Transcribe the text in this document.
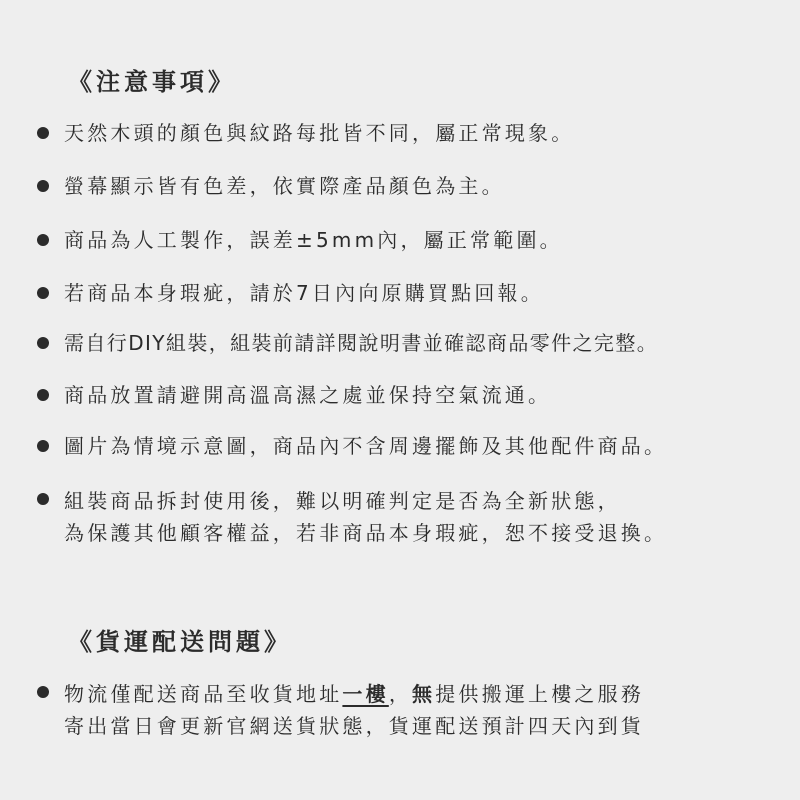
《注意事項》
天然木頭的顏色與紋路每批皆不同，屬正常現象。
螢幕顯示皆有色差，依實際產品顏色為主。
商品為人工製作，誤差±5mm內，屬正常範圍。
若商品本身瑕疵，請於7日內向原購買點回報。
需自行DIY組裝，組裝前請詳閱說明書並確認商品零件之完整。
商品放置請避開高溫高濕之處並保持空氣流通。
圖片為情境示意圖，商品內不含周邊擺飾及其他配件商品。
組裝商品拆封使用後，難以明確判定是否為全新狀態，
為保護其他顧客權益，若非商品本身瑕疵，恕不接受退換。
《貨運配送問題》
物流僅配送商品至收貨地址一樓，無提供搬運上樓之服務
寄出當日會更新官網送貨狀態，貨運配送預計四天內到貨
